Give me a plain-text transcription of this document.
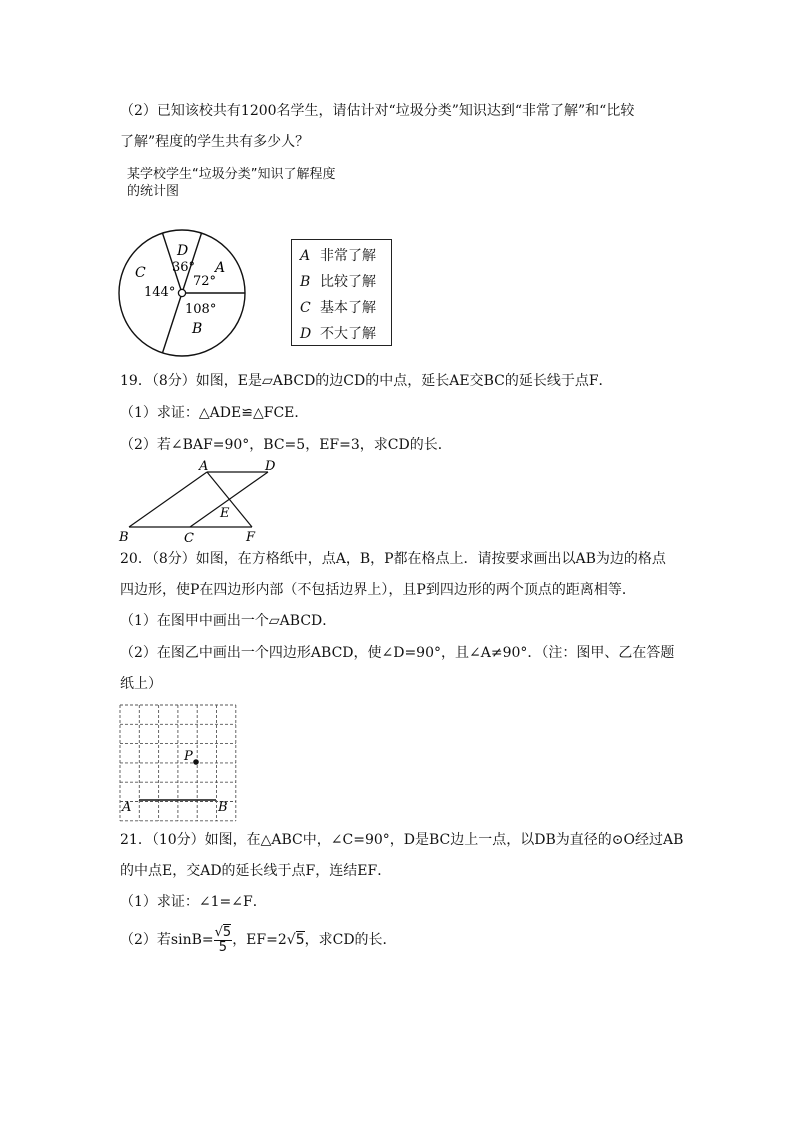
（2）已知该校共有1200名学生，请估计对“垃圾分类”知识达到“非常了解”和“比较
了解”程度的学生共有多少人？
某学校学生“垃圾分类”知识了解程度
的统计图
D
36° A
72°
C
144°
108°
B
A 非常了解
B 比较了解
C 基本了解
D 不大了解
19．（8分）如图，E是▱ABCD的边CD的中点，延长AE交BC的延长线于点F．
（1）求证：△ADE≌△FCE．
（2）若∠BAF=90°，BC=5，EF=3，求CD的长．
A	D
E
B	C	F
20．（8分）如图，在方格纸中，点A，B，P都在格点上．请按要求画出以AB为边的格点
四边形，使P在四边形内部（不包括边界上），且P到四边形的两个顶点的距离相等．
（1）在图甲中画出一个▱ABCD．
（2）在图乙中画出一个四边形ABCD，使∠D=90°，且∠A≠90°．（注：图甲、乙在答题
纸上）
P
A	B
21．（10分）如图，在△ABC中，∠C=90°，D是BC边上一点，以DB为直径的⊙O经过AB
的中点E，交AD的延长线于点F，连结EF．
（1）求证：∠1=∠F．
（2）若$\sin B= \frac{√5}{5}$ ，EF=2√5，求CD的长．
